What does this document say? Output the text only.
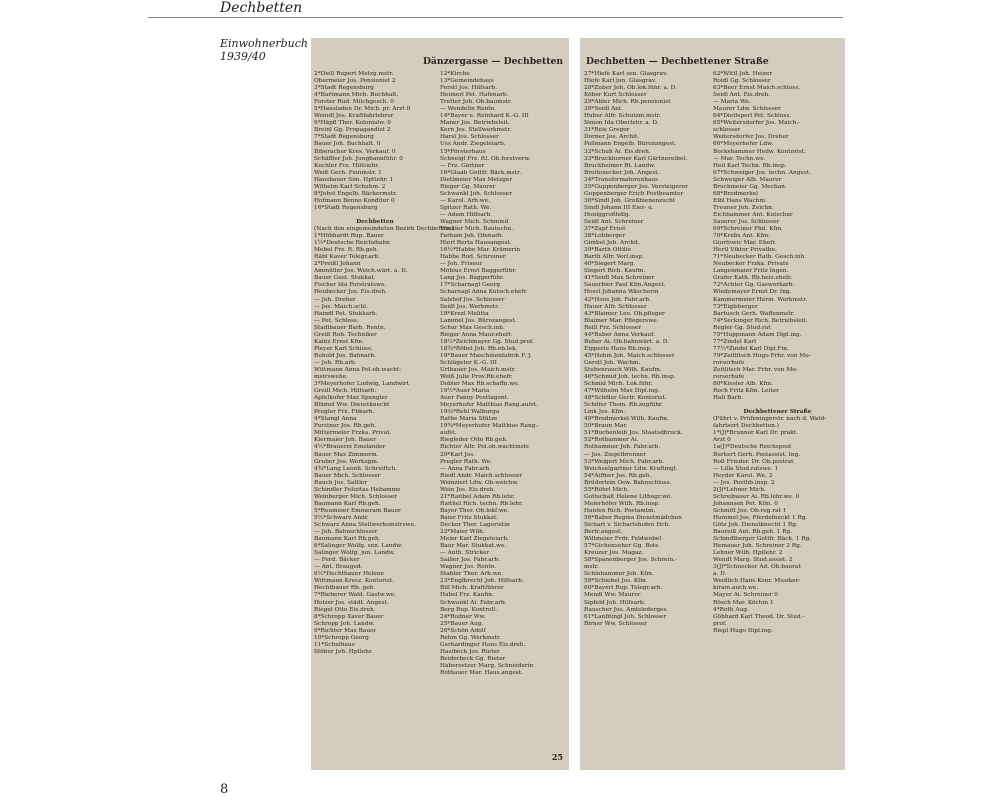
Dechbetten
Einwohnerbuch
1939/40	Dänzergasse — Dechbetten
2*Diell Rupert Metzg.mstr.
Obermeier Jos. Pensionist 2
3*Stadt Regensburg
4*Bartmann Mich. Buchhalt.
Forster Rud. Milchgesch. 0
5*Hausladen Dr. Mich. pr. Arzt 0
Weindl Jos. Kraftfahrlehrer
6*Häpfl Ther. Kolonialw. 0
Breinl Gg. Propagandist 2
7*Stadt Regensburg
Bauer Joh. Buchhalt. 0
Biberacher Kres. Verkauf. 0
Schäffler Joh. Jungbannführ. 0
Kuchler Frz. Hilfsiehr.
Weiß Gerh. Feinmstr. 1
Hansbauer Sim. Hpttehr. 1
Wilhelm Karl Schuhm. 2
8*Jobst Engelb. Bäckermstr.
Hofmann Benno Konditor 0
16*Stadt Regensburg

Dechbetten
(Nach den eingemeindeten Bezirk Dechbetten.)
1*Höbhardt Rup. Bauer
1½*Deutsche Reichsbahn
Mebel Frz. R. Rb.geh.
Räbl Kaver Telegr.arb.
2*Preißl Johann
Ammüller Jos. Weich.wärt. a. D.
Bauer Gust. Stukkat.
Fischer Ida Forstratswe.
Heubecker Jos. Eis.dreh.
— Joh. Dreher
— Jos. Maich.schl.
Haindl Pet. Stukkarb.
— Pet. Schloss.
Stadlbauer Barb. Rentn.
Greiß Rob. Techniker
Kainz Ernst Kfm.
Pleyer Karl Schloss.
Rohold Jos. Bahnarb.
— Joh. Rb.arb.
Wittmann Anna Pol.ob.wacht-
mstrswehe.
3*Meyerhofer Ludwig, Landwirt
Greill Mich. Hilfsarb.
Apfelkofer Max Spengler
Blümel Ww. Dienstknecht
Pregler Frz. Fbkarb.
4*Stangl Anna
Forstner Jos. Rb.geh.
Mittermeier Frzka. Privat.
Kiermaier Joh. Bauer
4½*Brauerei Emslander
Bauer Max Zimmerm.
Gruber Jos. Werkzgm.
4¾*Lang Leonh. Schreiftch.
Bauer Mich. Schlosser
Rauch Jos. Sattler
Schindler Felizitas Hebamme
Weinberger Mich. Schlosser
Baumann Karl Rb.geh.
5*Reumeier Emmeram Bauer
5½*Schwarz Andr.
Schwarz Anna Stellwerksmstrswe.
— Joh. Bahnschlosser
Baumann Karl Rb.geh.
6*Salinger Wolfg. sen. Landw.
Salinger Wolfg. jun. Landw.
— Ferd. Bäcker
— Ant. Brauged.
6½*Hechtbauer Helene
Wittmann Kresz. Kontorist.
Hechtbauer Rb. geh.
7*Rieberer Wald. Gastw.we.
Holzer Jos. städt. Angest.
Riegel Otto Eis.dreh.
8*Schropp Xaver Bauer
Schropp Joh. Landw.
9*Richter Max Bauer
10*Schropp Georg
11*Schulhaus
Stöber Joh. Hptlehr.
12*Kirche
13*Gemeindehaus
Ferstl Jos. Hilfsarb.
Heimerl Pet. Hafenarb.
Tretter Joh. Ob.baumstr.
— Wendelin Rentn.
14*Bayer u. Reinhard K.-G. III
Maner Jos. Betriebsleit.
Kern Jos. Stellwerkmstr.
Harsl Jos. Schlosser
Uss Andr. Ziegeleiarb.
15*Försterhaus
Schneigl Frz. ftl. Ob.forstverw.
— Frz. Gärtner
16*Glaab Gottfr. Bäck.mstr.
Dietlmeier Max Metzger
Rieger Gg. Maurer
Schwankl Joh. Schlosser
— Karol. Arb.we.
Spitzer Rath. We.
— Adam Hilfsarb.
Wagner Mich. Schmied
Winkler Mich. Bautechn.
Farbam Joh. Ofenarb.
Hierl Berta Hausangest.
16½*Habbe Mar. Krämerin
Habbe Rud. Schreiner
— Joh. Friseur
Möbius Ernst Baggerführ.
Lang Jos. Baggerführ.
17*Scharnagl Georg
Scharnagl Anna Kutsch.ehefr.
Salzhof Jos. Schlosser
Seidl Jos. Werkmstr.
18*Krezl Melitta
Lammel Jos. Bürozangest.
Schur Max Gesch.inh.
Rieger Anna Maur.ehefr.
18½*Zeichmayer Gg. Stud.prof.
18¾*Röbel Joh. Rb.ob.lek.
19*Bauer Maschinenfabrik F. J.
Schlägeter K.-G. III
Urlbauer Jos. Maich.mstr.
Weiß Julie Prov.Rb.ehefr.
Dobler Max Rb.schaffn.we.
19½*Auer Maria
Auer Fanny Posttagent.
Meyerhofer Matthias Rang.aufst.
19⅔*Rebl Walburga
Rathe Maria Stütze
19¾*Meyerhofer Matthias Rang.-
aufst.
Riegleder Otto Rb.geh.
Richter Alfr. Pol.ob.wachtmstr.
20*Karl Jos.
Pregler Rath. We.
— Anna Fabr.arb.
Riedl Andr. Maich.schlosser
Weinzierl Ldw. Ob.weichw.
Wein Jos. Eis.dreh.
21*Raithel Adam Rb.lehr.
Raithel Rich. techn. Rb.lehr.
Bayer Ther. Ob.lokf.we.
Baier Fritz Stukkat.
Decker Ther. Lageristin
22*Maier Wilh.
Meier Karl Ziegeleiarb.
Baur Mar. Stukkat.we.
— Anth. Stricker
Sailler Jos. Fabr.arb.
Wagner Jos. Rentn.
Stabler Ther. Arb.we.
23*Englbrecht Joh. Hilfsarb.
Bill Mich. Kraftführer
Habel Frz. Kaufm.
Schwankl Ai. Fabr.arb.
Berg Rup. Kontroll.
24*Rodner Ww.
25*Bauer Aug.
26*Schön Adolf
Rehm Gg. Werkmstr.
Gerhardinger Hans Eis.dreh.
Hasibeck Jos. Rieter
Beiderbeck Gg. Rieter
Habersetzer Marg. Schneiderin
Rothauer Mar. Haus.angest.
25
Dechbetten — Dechbettener Straße
27*Hiefe Karl sen. Glasgrav.
Hiefe Karl jun. Glasgrav.
28*Zuber Joh. Ob.lok.führ. a. D.
Köber Kurt Schlosser
29*Abler Mich. Rb.pensionist
30*Seidl Ant.
Huber Alfr. Schutzm.mstr.
Simon Ida Oberlehr. a. D.
31*Reis Gregor
Dorner Jos. Archit.
Pollmann Engelb. Bürozangest.
32*Schuh Ai. Eis.dreh.
33*Bruckhorner Karl Gärtnereibel.
Bruckheimer Rt. Landw.
Breitenecker Joh. Angest.
34*Transformatorenhaus
35*Guppenberger Jos. Versteigerer
Guppenberger Erich Postbeamter
36*Sindl Joh. Großbienenzucht
Sindl Johann III Eier- u.
Honiggroßhdlg.
Seidl Ant. Schreiner
37*Zapf Ernst
38*Lohberger
Gimbel Joh. Archit.
39*Barth Ottilie
Barth Alfr. Verl.insp.
40*Siegert Marg.
Siegert Rich. Kaufm.
41*Seidl Max Schreiner
Sauerbier Paul Kfm.Angest.
Hossl Johanna Wäscherin
42*Hoos Joh. Fabr.arb.
Hauer Alfr. Schlosser
43*Blaimer Leo. Ob.pfleger
Blaimer Mar. Pflegerswe.
Reill Frz. Schlosser
44*Baber Anna Verkauf.
Buber Ai. Ob.bahnwärt. a. D.
Eipperle Hans Rb.insp.
45*Hehm Joh. Maich.schlosser
Gerstl Joh. Wachm.
Stubenrauch Wilh. Kaufm.
46*Schmid Joh. techn. Rb.insp.
Schmid Mich. Lok.führ.
47*Wilhelm Max Dipl.ing.
48*Schöler Gertr. Kontorist.
Schöfer Thom. Rb.zugführ.
Link Jos. Kfm.
49*Brodmerkel Wilh. Kaufm.
50*Braun Mar.
51*Buchenleib Jos. Staatsdbruck.
52*Rothammer Ai.
Rothammer Joh. Fabr.arb.
— Jos. Ziegelbrenner
53*Weigert Mich. Fabr.arb.
Weichselgartner Ldw. Kraftmgl.
54*Aiffner Jos. Rb.geh.
Brüderlein Osw. Bahnschloss.
55*Röhrl Mich.
Gottschalt Helene Lithogr.we.
Meierhöfer Wilh. Rb.insp.
Hanfen Rich. Postamtm.
56*Baber Regina Dienstmädchen
Sichart v. Sichartshofen Hch.
Bertr.angest.
Wiltmeier Frdr. Feldwebel
57*Gichenseher Gg. Bote
Kreuzer Jos. Magaz.
58*Spanenberger Jos. Schrein.-
mstr.
Schinhammer Joh. Kfm.
59*Schiebel Jos. Kfm.
60*Bayerl Rup. Telegr.arb.
Mendl Ww. Maurer
Sipfeld Joh. Hilfsarb.
Rauscher Jos. Amtslederges.
61*Lanfitingl Joh. Schlosser
Birner Ww. Schlosser
62*Wittl Joh. Heizer
Roidl Gg. Schlosser
63*Beer Ernst Maich.schloss.
Seidl Ant. Eis.dreh.
— Maria We.
Maurer Ldw. Schlosser
64*Dietlsperl Pet. Schloss.
65*Weitersdorfer Jos. Maich.-
schlosser
Weitersdorfer Jos. Dreher
66*Meyerhofer Ldw.
Bockshammer Hedw. Kontorist.
— Mar. Techn.we.
Heil Karl Techn. Rb.insp.
67*Schweiger Jos. techn. Angest.
Schweiger Alb. Maurer
Bruckmeier Gg. Mechan.
68*Brodmerkel
Eibl Hans Wachm.
Treuner Joh. Zeichn.
Eichhammer Ant. Kutscher
Sauerer Jos. Schlosser
69*Schreiner Phil. Kfm.
70*Krebs Ant. Kfm.
Giurfowic Mar. Ehefr.
Hertl Viktor Privatbe.
71*Neubecker Rath. Gesch.inh.
Neubecker Frzka. Private
Langenmaier Fritz Ingen.
Grafer Kath. Rb.heiz.ehefr.
72*Achter Gg. Gaswerkarb.
Wiedemayer Ernst Dr. Ing.
Kammermeier Herm. Werkmstr.
73*Eiglsberger
Bartusch Gerh. Waffenmstr.
74*Seckinger Rich. Betriebsleit.
Regler Gg. Stud.rat
75*Huppmann Adam Dipl.ing.
77*Zindel Karl
77½*Zindel Karl Dipl.Fm.
79*Zeitlitsch Hugo Frhr. von Mo-
rorserhufe
Zeitlitsch Mar. Frhr. von Mo-
rorserhufe
80*Kiesler Alb. Kfm.
Roch Fritz Kfm. Leiter
Hall Barb.

Dechbettener Straße
(Führt v. Prüfeningerstr. nach d. Wald-
fahrtsort Dechbetten.)
1*(J)*Brunner Karl Dr. prakt.
Arzt 0
1a(J)*Deutsche Reichspost
Burkert Gerh. Postassist. Ing.
Roß Frieder. Dr. Ob.postrat
— Lilla Stud.ratswe. 1
Heyder Karol. We. 2
— Jos. Posthb.insp. 2
2(J)*Lehner Mich.
Schreibauer Ai. Rb.lehr.we. 0
Johannsen Pet. Kfm. 0
Schmitt Jos. Ob.reg.rat 1
Hummel Jos. Pferdefneckt 1 Rg.
Götz Joh. Dienstknecht 1 Rg.
Baureiß Ant. Rb.geh. 1 Rg.
Schindlberger Gottfr. Bäck. 1 Rg.
Hemauer Joh. Schreiner 2 Rg.
Lehner Wilh. Hptlehr. 2
Wendt Marg. Stud.assist. 2
3(J)*Schnecker Ad. Ob.baurat
a. D.
Weidlich Hans Konr. Musiker-
kiram.auch.we.
Mayer Ai. Schreiner 0
Rösch Mar. Köchin 1
4*Roth Aug.
Göbhard Karl Theod. Dr. Stud.-
prof.
Riepl Hugo Dipl.ing.
8
